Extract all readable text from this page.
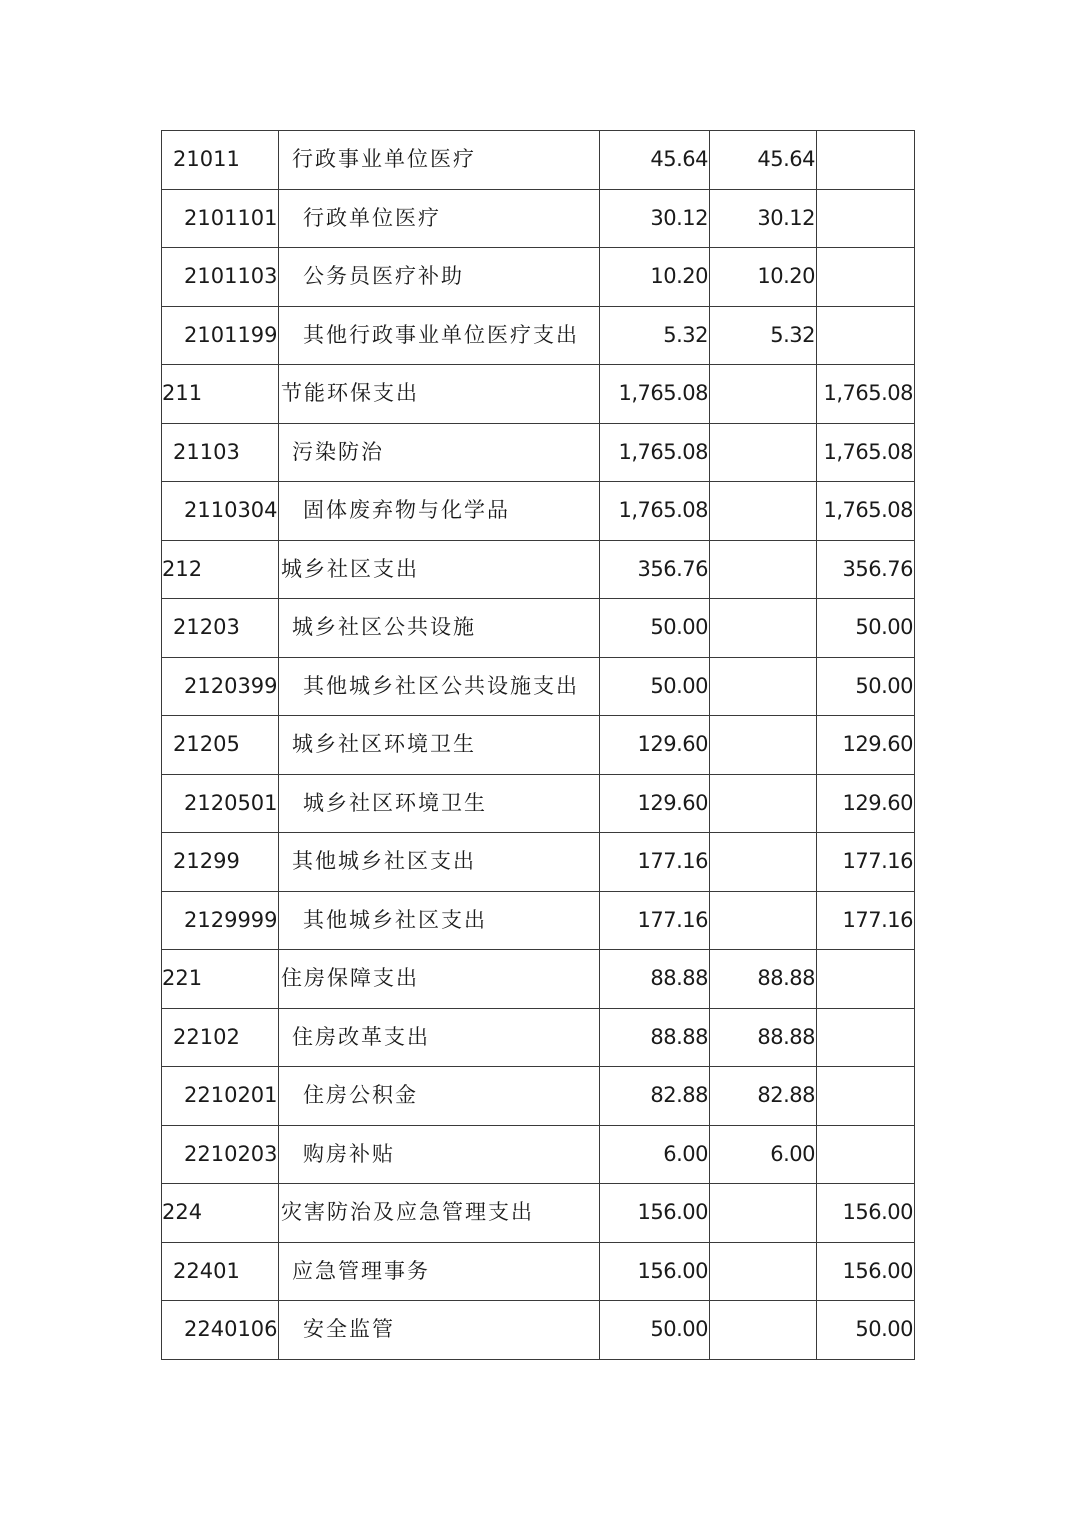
21011	行政事业单位医疗	45.64	45.64	
2101101	行政单位医疗	30.12	30.12	
2101103	公务员医疗补助	10.20	10.20	
2101199	其他行政事业单位医疗支出	5.32	5.32	
211	节能环保支出	1,765.08		1,765.08
21103	污染防治	1,765.08		1,765.08
2110304	固体废弃物与化学品	1,765.08		1,765.08
212	城乡社区支出	356.76		356.76
21203	城乡社区公共设施	50.00		50.00
2120399	其他城乡社区公共设施支出	50.00		50.00
21205	城乡社区环境卫生	129.60		129.60
2120501	城乡社区环境卫生	129.60		129.60
21299	其他城乡社区支出	177.16		177.16
2129999	其他城乡社区支出	177.16		177.16
221	住房保障支出	88.88	88.88	
22102	住房改革支出	88.88	88.88	
2210201	住房公积金	82.88	82.88	
2210203	购房补贴	6.00	6.00	
224	灾害防治及应急管理支出	156.00		156.00
22401	应急管理事务	156.00		156.00
2240106	安全监管	50.00		50.00
